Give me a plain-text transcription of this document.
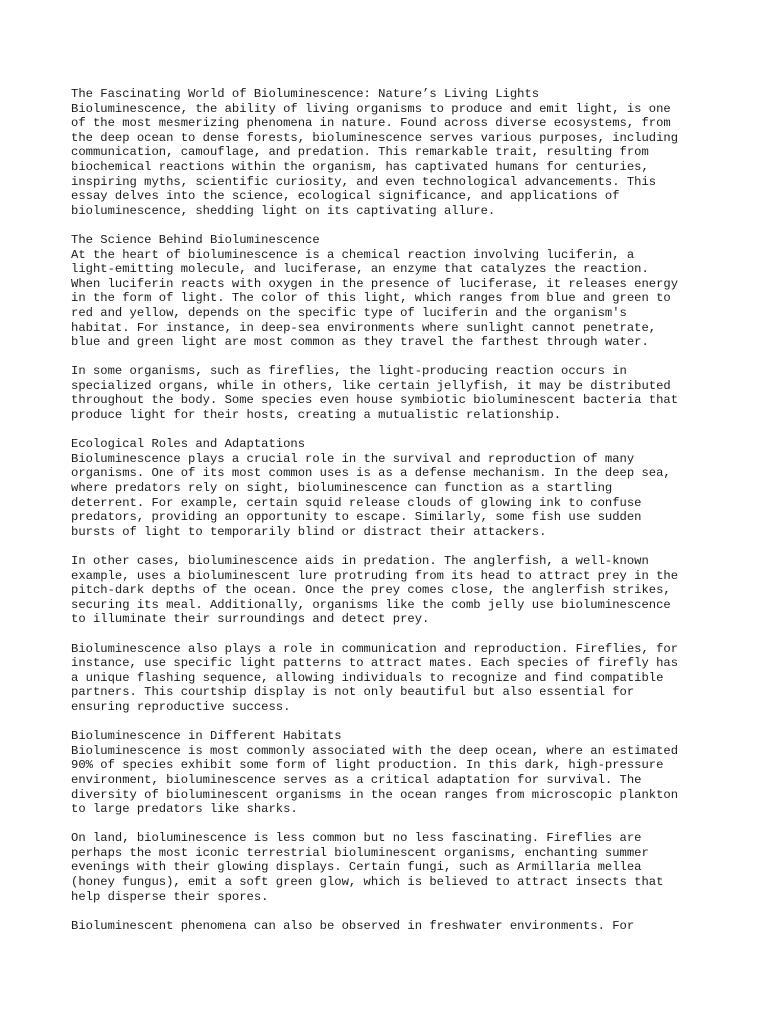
The Fascinating World of Bioluminescence: Nature’s Living Lights
Bioluminescence, the ability of living organisms to produce and emit light, is one
of the most mesmerizing phenomena in nature. Found across diverse ecosystems, from
the deep ocean to dense forests, bioluminescence serves various purposes, including
communication, camouflage, and predation. This remarkable trait, resulting from
biochemical reactions within the organism, has captivated humans for centuries,
inspiring myths, scientific curiosity, and even technological advancements. This
essay delves into the science, ecological significance, and applications of
bioluminescence, shedding light on its captivating allure.
The Science Behind Bioluminescence
At the heart of bioluminescence is a chemical reaction involving luciferin, a
light-emitting molecule, and luciferase, an enzyme that catalyzes the reaction.
When luciferin reacts with oxygen in the presence of luciferase, it releases energy
in the form of light. The color of this light, which ranges from blue and green to
red and yellow, depends on the specific type of luciferin and the organism's
habitat. For instance, in deep-sea environments where sunlight cannot penetrate,
blue and green light are most common as they travel the farthest through water.
In some organisms, such as fireflies, the light-producing reaction occurs in
specialized organs, while in others, like certain jellyfish, it may be distributed
throughout the body. Some species even house symbiotic bioluminescent bacteria that
produce light for their hosts, creating a mutualistic relationship.
Ecological Roles and Adaptations
Bioluminescence plays a crucial role in the survival and reproduction of many
organisms. One of its most common uses is as a defense mechanism. In the deep sea,
where predators rely on sight, bioluminescence can function as a startling
deterrent. For example, certain squid release clouds of glowing ink to confuse
predators, providing an opportunity to escape. Similarly, some fish use sudden
bursts of light to temporarily blind or distract their attackers.
In other cases, bioluminescence aids in predation. The anglerfish, a well-known
example, uses a bioluminescent lure protruding from its head to attract prey in the
pitch-dark depths of the ocean. Once the prey comes close, the anglerfish strikes,
securing its meal. Additionally, organisms like the comb jelly use bioluminescence
to illuminate their surroundings and detect prey.
Bioluminescence also plays a role in communication and reproduction. Fireflies, for
instance, use specific light patterns to attract mates. Each species of firefly has
a unique flashing sequence, allowing individuals to recognize and find compatible
partners. This courtship display is not only beautiful but also essential for
ensuring reproductive success.
Bioluminescence in Different Habitats
Bioluminescence is most commonly associated with the deep ocean, where an estimated
90% of species exhibit some form of light production. In this dark, high-pressure
environment, bioluminescence serves as a critical adaptation for survival. The
diversity of bioluminescent organisms in the ocean ranges from microscopic plankton
to large predators like sharks.
On land, bioluminescence is less common but no less fascinating. Fireflies are
perhaps the most iconic terrestrial bioluminescent organisms, enchanting summer
evenings with their glowing displays. Certain fungi, such as Armillaria mellea
(honey fungus), emit a soft green glow, which is believed to attract insects that
help disperse their spores.
Bioluminescent phenomena can also be observed in freshwater environments. For
